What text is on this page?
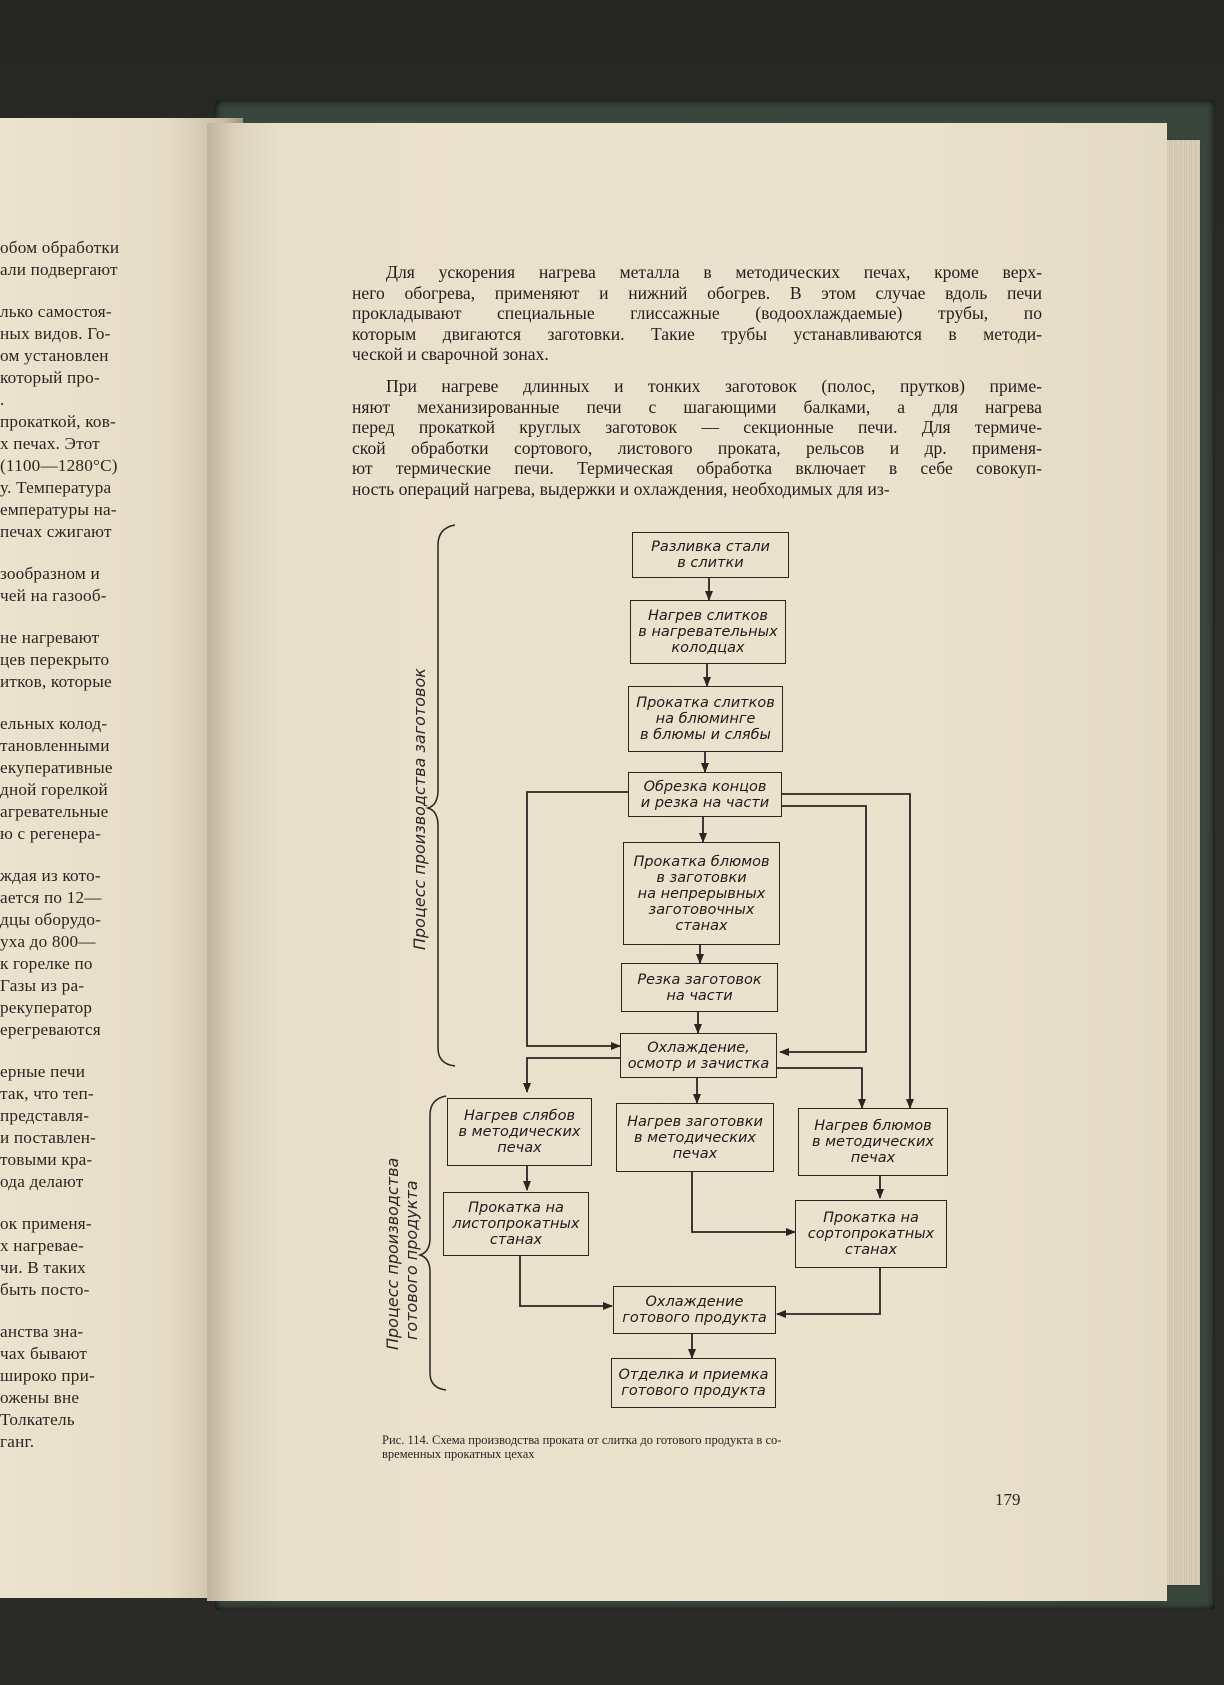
обом обработки
али подвергают
лько самостоя-
ных видов. Го-
ом установлен
который про-
.
прокаткой, ков-
х печах. Этот
(1100—1280°C)
у. Температура
емпературы на-
печах сжигают
зообразном и
чей на газооб-
не нагревают
цев перекрыто
итков, которые
ельных колод-
тановленными
екуперативные
дной горелкой
агревательные
ю с регенера-
ждая из кото-
ается по 12—
дцы оборудо-
уха до 800—
к горелке по
Газы из ра-
рекуператор
ерегреваются
ерные печи
так, что теп-
представля-
и поставлен-
товыми кра-
ода делают
ок применя-
х нагревае-
чи. В таких
быть посто-
анства зна-
чах бывают
широко при-
ожены вне
Толкатель
ганг.
Для ускорения нагрева металла в методических печах, кроме верх-
него обогрева, применяют и нижний обогрев. В этом случае вдоль печи
прокладывают специальные глиссажные (водоохлаждаемые) трубы, по
которым двигаются заготовки. Такие трубы устанавливаются в методи-
ческой и сварочной зонах.
При нагреве длинных и тонких заготовок (полос, прутков) приме-
няют механизированные печи с шагающими балками, а для нагрева
перед прокаткой круглых заготовок — секционные печи. Для термиче-
ской обработки сортового, листового проката, рельсов и др. применя-
ют термические печи. Термическая обработка включает в себе совокуп-
ность операций нагрева, выдержки и охлаждения, необходимых для из-
Разливка стали
в слитки
Нагрев слитков
в нагревательных
колодцах
Прокатка слитков
на блюминге
в блюмы и слябы
Обрезка концов
и резка на части
Прокатка блюмов
в заготовки
на непрерывных
заготовочных
станах
Резка заготовок
на части
Охлаждение,
осмотр и зачистка
Нагрев слябов
в методических
печах
Нагрев заготовки
в методических
печах
Нагрев блюмов
в методических
печах
Прокатка на
листопрокатных
станах
Прокатка на
сортопрокатных
станах
Охлаждение
готового продукта
Отделка и приемка
готового продукта
Процесс производства заготовок
Процесс производства готового продукта
Рис. 114. Схема производства проката от слитка до готового продукта в со-
временных прокатных цехах
179
